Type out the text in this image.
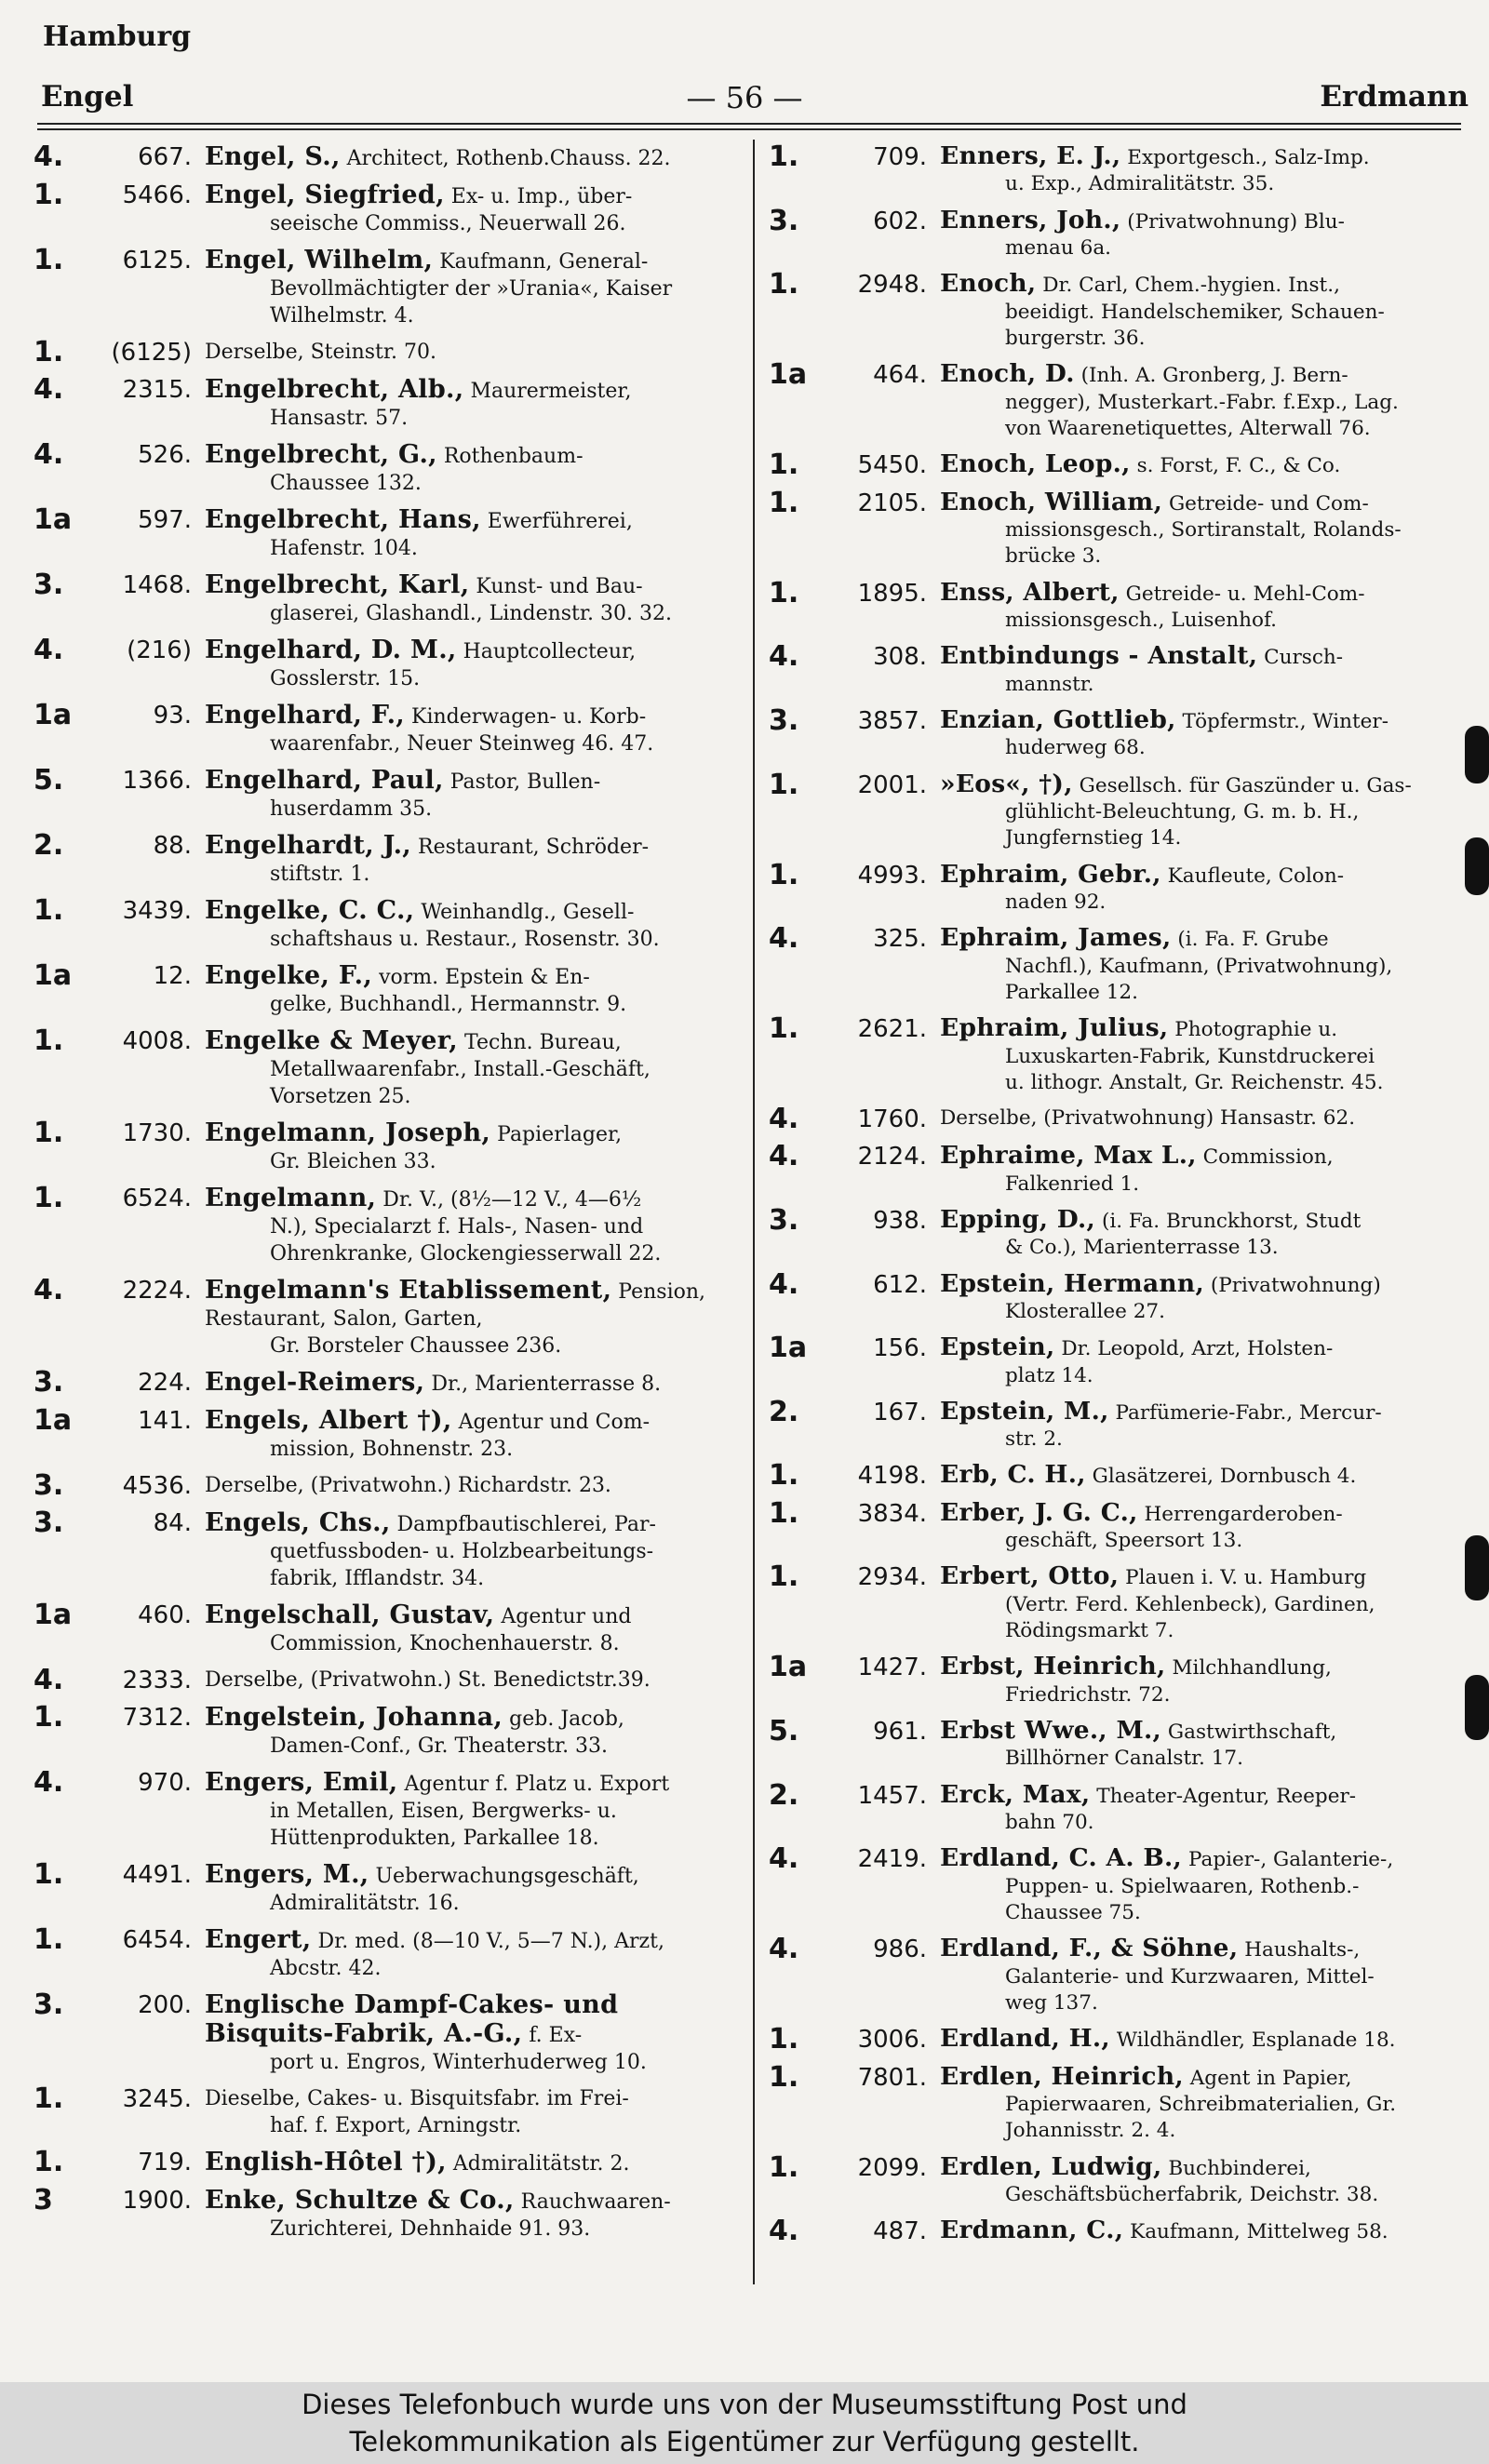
Hamburg
Engel	— 56 —	Erdmann
4.	667. Engel, S., Architect, Rothenb.Chauss. 22.
1.	5466. Engel, Siegfried, Ex- u. Imp., über-
seeische Commiss., Neuerwall 26.
1.	6125. Engel, Wilhelm, Kaufmann, General-
Bevollmächtigter der »Urania«, Kaiser
Wilhelmstr. 4.
1.	(6125) Derselbe, Steinstr. 70.
4.	2315. Engelbrecht, Alb., Maurermeister,
Hansastr. 57.
4.	526. Engelbrecht, G., Rothenbaum-
Chaussee 132.
1a	597. Engelbrecht, Hans, Ewerführerei,
Hafenstr. 104.
3.	1468. Engelbrecht, Karl, Kunst- und Bau-
glaserei, Glashandl., Lindenstr. 30. 32.
4.	(216) Engelhard, D. M., Hauptcollecteur,
Gosslerstr. 15.
1a	93. Engelhard, F., Kinderwagen- u. Korb-
waarenfabr., Neuer Steinweg 46. 47.
5.	1366. Engelhard, Paul, Pastor, Bullen-
huserdamm 35.
2.	88. Engelhardt, J., Restaurant, Schröder-
stiftstr. 1.
1.	3439. Engelke, C. C., Weinhandlg., Gesell-
schaftshaus u. Restaur., Rosenstr. 30.
1a	12. Engelke, F., vorm. Epstein & En-
gelke, Buchhandl., Hermannstr. 9.
1.	4008. Engelke & Meyer, Techn. Bureau,
Metallwaarenfabr., Install.-Geschäft,
Vorsetzen 25.
1.	1730. Engelmann, Joseph, Papierlager,
Gr. Bleichen 33.
1.	6524. Engelmann, Dr. V., (8½—12 V., 4—6½
N.), Specialarzt f. Hals-, Nasen- und
Ohrenkranke, Glockengiesserwall 22.
4.	2224. Engelmann's Etablissement, Pension, Restaurant, Salon, Garten,
Gr. Borsteler Chaussee 236.
3.	224. Engel-Reimers, Dr., Marienterrasse 8.
1a	141. Engels, Albert †), Agentur und Com-
mission, Bohnenstr. 23.
3.	4536. Derselbe, (Privatwohn.) Richardstr. 23.
3.	84. Engels, Chs., Dampfbautischlerei, Par-
quetfussboden- u. Holzbearbeitungs-
fabrik, Ifflandstr. 34.
1a	460. Engelschall, Gustav, Agentur und
Commission, Knochenhauerstr. 8.
4.	2333. Derselbe, (Privatwohn.) St. Benedictstr.39.
1.	7312. Engelstein, Johanna, geb. Jacob,
Damen-Conf., Gr. Theaterstr. 33.
4.	970. Engers, Emil, Agentur f. Platz u. Export
in Metallen, Eisen, Bergwerks- u.
Hüttenprodukten, Parkallee 18.
1.	4491. Engers, M., Ueberwachungsgeschäft,
Admiralitätstr. 16.
1.	6454. Engert, Dr. med. (8—10 V., 5—7 N.), Arzt,
Abcstr. 42.
3.	200. Englische Dampf-Cakes- und Bisquits-Fabrik, A.-G., f. Ex-
port u. Engros, Winterhuderweg 10.
1.	3245. Dieselbe, Cakes- u. Bisquitsfabr. im Frei-
haf. f. Export, Arningstr.
1.	719. English-Hôtel †), Admiralitätstr. 2.
3	1900. Enke, Schultze & Co., Rauchwaaren-
Zurichterei, Dehnhaide 91. 93.
1.	709. Enners, E. J., Exportgesch., Salz-Imp.
u. Exp., Admiralitätstr. 35.
3.	602. Enners, Joh., (Privatwohnung) Blu-
menau 6a.
1.	2948. Enoch, Dr. Carl, Chem.-hygien. Inst.,
beeidigt. Handelschemiker, Schauen-
burgerstr. 36.
1a	464. Enoch, D. (Inh. A. Gronberg, J. Bern-
negger), Musterkart.-Fabr. f.Exp., Lag.
von Waarenetiquettes, Alterwall 76.
1.	5450. Enoch, Leop., s. Forst, F. C., & Co.
1.	2105. Enoch, William, Getreide- und Com-
missionsgesch., Sortiranstalt, Rolands-
brücke 3.
1.	1895. Enss, Albert, Getreide- u. Mehl-Com-
missionsgesch., Luisenhof.
4.	308. Entbindungs - Anstalt, Cursch-
mannstr.
3.	3857. Enzian, Gottlieb, Töpfermstr., Winter-
huderweg 68.
1.	2001. »Eos«, †), Gesellsch. für Gaszünder u. Gas-
glühlicht-Beleuchtung, G. m. b. H.,
Jungfernstieg 14.
1.	4993. Ephraim, Gebr., Kaufleute, Colon-
naden 92.
4.	325. Ephraim, James, (i. Fa. F. Grube
Nachfl.), Kaufmann, (Privatwohnung),
Parkallee 12.
1.	2621. Ephraim, Julius, Photographie u.
Luxuskarten-Fabrik, Kunstdruckerei
u. lithogr. Anstalt, Gr. Reichenstr. 45.
4.	1760. Derselbe, (Privatwohnung) Hansastr. 62.
4.	2124. Ephraime, Max L., Commission,
Falkenried 1.
3.	938. Epping, D., (i. Fa. Brunckhorst, Studt
& Co.), Marienterrasse 13.
4.	612. Epstein, Hermann, (Privatwohnung)
Klosterallee 27.
1a	156. Epstein, Dr. Leopold, Arzt, Holsten-
platz 14.
2.	167. Epstein, M., Parfümerie-Fabr., Mercur-
str. 2.
1.	4198. Erb, C. H., Glasätzerei, Dornbusch 4.
1.	3834. Erber, J. G. C., Herrengarderoben-
geschäft, Speersort 13.
1.	2934. Erbert, Otto, Plauen i. V. u. Hamburg
(Vertr. Ferd. Kehlenbeck), Gardinen,
Rödingsmarkt 7.
1a	1427. Erbst, Heinrich, Milchhandlung,
Friedrichstr. 72.
5.	961. Erbst Wwe., M., Gastwirthschaft,
Billhörner Canalstr. 17.
2.	1457. Erck, Max, Theater-Agentur, Reeper-
bahn 70.
4.	2419. Erdland, C. A. B., Papier-, Galanterie-,
Puppen- u. Spielwaaren, Rothenb.-
Chaussee 75.
4.	986. Erdland, F., & Söhne, Haushalts-,
Galanterie- und Kurzwaaren, Mittel-
weg 137.
1.	3006. Erdland, H., Wildhändler, Esplanade 18.
1.	7801. Erdlen, Heinrich, Agent in Papier,
Papierwaaren, Schreibmaterialien, Gr.
Johannisstr. 2. 4.
1.	2099. Erdlen, Ludwig, Buchbinderei,
Geschäftsbücherfabrik, Deichstr. 38.
4.	487. Erdmann, C., Kaufmann, Mittelweg 58.
Dieses Telefonbuch wurde uns von der Museumsstiftung Post und
Telekommunikation als Eigentümer zur Verfügung gestellt.
